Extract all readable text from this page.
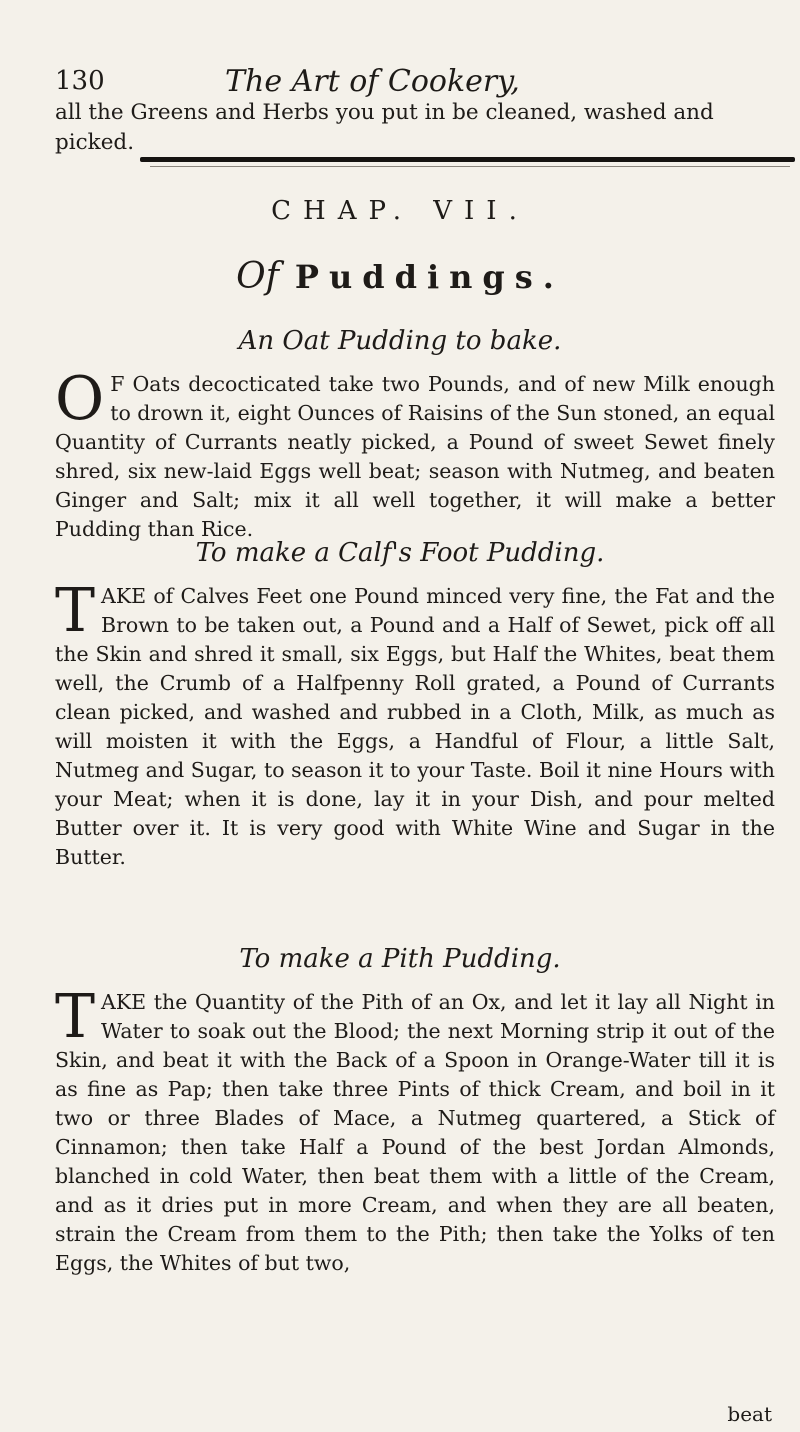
130	The Art of Cookery,
all the Greens and Herbs you put in be cleaned, washed and picked.
CHAP. VII.
Of Puddings.
An Oat Pudding to bake.
O F Oats decocticated take two Pounds, and of new Milk enough to drown it, eight Ounces of Raisins of the Sun stoned, an equal Quantity of Currants neatly picked, a Pound of sweet Sewet finely shred, six new-laid Eggs well beat; season with Nutmeg, and beaten Ginger and Salt; mix it all well together, it will make a better Pudding than Rice.
To make a Calf's Foot Pudding.
TAKE of Calves Feet one Pound minced very fine, the Fat and the Brown to be taken out, a Pound and a Half of Sewet, pick off all the Skin and shred it small, six Eggs, but Half the Whites, beat them well, the Crumb of a Halfpenny Roll grated, a Pound of Currants clean picked, and washed and rubbed in a Cloth, Milk, as much as will moisten it with the Eggs, a Handful of Flour, a little Salt, Nutmeg and Sugar, to season it to your Taste. Boil it nine Hours with your Meat; when it is done, lay it in your Dish, and pour melted Butter over it. It is very good with White Wine and Sugar in the Butter.
To make a Pith Pudding.
TAKE the Quantity of the Pith of an Ox, and let it lay all Night in Water to soak out the Blood; the next Morning strip it out of the Skin, and beat it with the Back of a Spoon in Orange-Water till it is as fine as Pap; then take three Pints of thick Cream, and boil in it two or three Blades of Mace, a Nutmeg quartered, a Stick of Cinnamon; then take Half a Pound of the best Jordan Almonds, blanched in cold Water, then beat them with a little of the Cream, and as it dries put in more Cream, and when they are all beaten, strain the Cream from them to the Pith; then take the Yolks of ten Eggs, the Whites of but two,
beat
